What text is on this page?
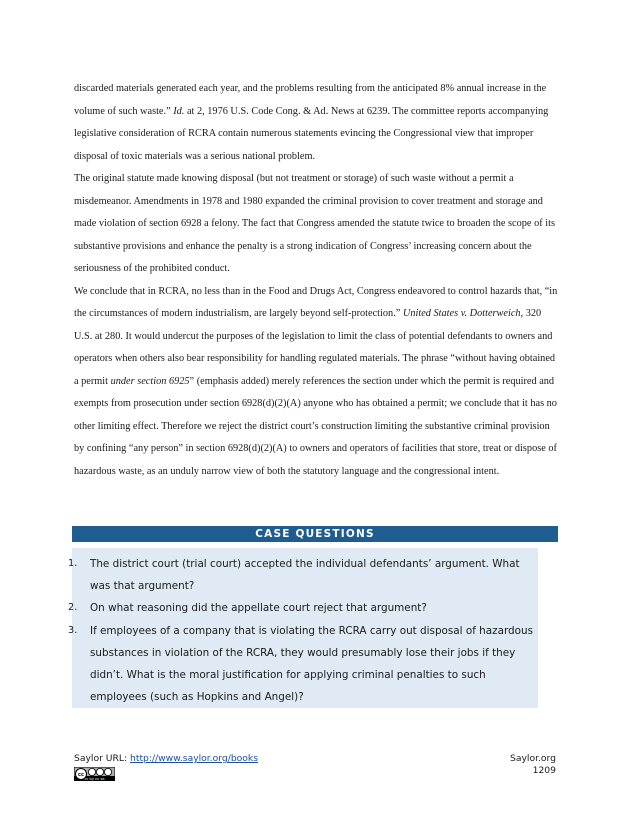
discarded materials generated each year, and the problems resulting from the anticipated 8% annual increase in the volume of such waste.” Id. at 2, 1976 U.S. Code Cong. & Ad. News at 6239. The committee reports accompanying legislative consideration of RCRA contain numerous statements evincing the Congressional view that improper disposal of toxic materials was a serious national problem.

The original statute made knowing disposal (but not treatment or storage) of such waste without a permit a misdemeanor. Amendments in 1978 and 1980 expanded the criminal provision to cover treatment and storage and made violation of section 6928 a felony. The fact that Congress amended the statute twice to broaden the scope of its substantive provisions and enhance the penalty is a strong indication of Congress’ increasing concern about the seriousness of the prohibited conduct.

We conclude that in RCRA, no less than in the Food and Drugs Act, Congress endeavored to control hazards that, “in the circumstances of modern industrialism, are largely beyond self-protection.” United States v. Dotterweich, 320 U.S. at 280. It would undercut the purposes of the legislation to limit the class of potential defendants to owners and operators when others also bear responsibility for handling regulated materials. The phrase “without having obtained a permit under section 6925” (emphasis added) merely references the section under which the permit is required and exempts from prosecution under section 6928(d)(2)(A) anyone who has obtained a permit; we conclude that it has no other limiting effect. Therefore we reject the district court’s construction limiting the substantive criminal provision by confining “any person” in section 6928(d)(2)(A) to owners and operators of facilities that store, treat or dispose of hazardous waste, as an unduly narrow view of both the statutory language and the congressional intent.

CASE QUESTIONS
1. The district court (trial court) accepted the individual defendants’ argument. What was that argument?
2. On what reasoning did the appellate court reject that argument?
3. If employees of a company that is violating the RCRA carry out disposal of hazardous substances in violation of the RCRA, they would presumably lose their jobs if they didn’t. What is the moral justification for applying criminal penalties to such employees (such as Hopkins and Angel)?
Saylor URL: http://www.saylor.org/books
cc
cc by nc sa
Saylor.org
1209
